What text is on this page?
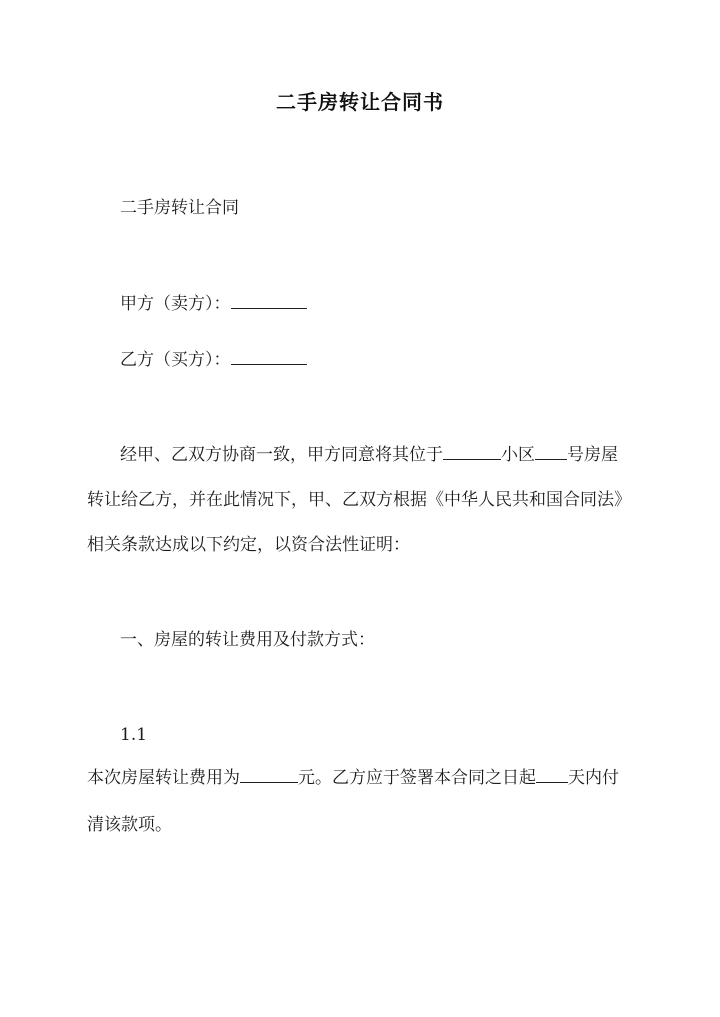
二手房转让合同书
二手房转让合同
甲方（卖方）：
乙方（买方）：
经甲、乙双方协商一致，甲方同意将其位于	小区 号房屋
转让给乙方，并在此情况下，甲、乙双方根据《中华人民共和国合同法》
相关条款达成以下约定，以资合法性证明：
一、房屋的转让费用及付款方式：
1.1
本次房屋转让费用为	元。乙方应于签署本合同之日起 天内付
清该款项。
